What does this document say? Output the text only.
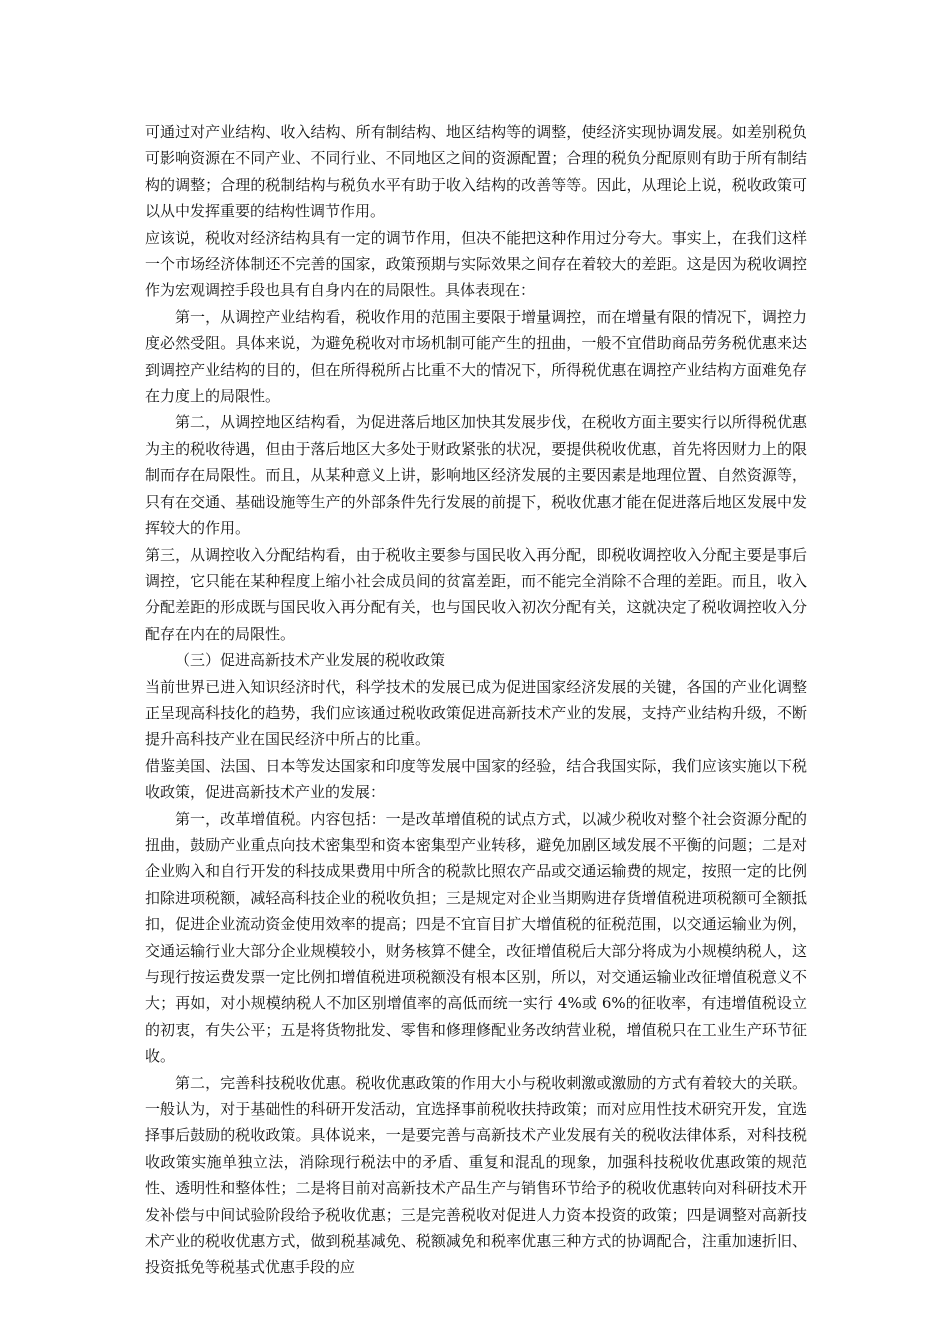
可通过对产业结构、收入结构、所有制结构、地区结构等的调整，使经济实现协调发展。如差别税负可影响资源在不同产业、不同行业、不同地区之间的资源配置；合理的税负分配原则有助于所有制结构的调整；合理的税制结构与税负水平有助于收入结构的改善等等。因此，从理论上说，税收政策可以从中发挥重要的结构性调节作用。

应该说，税收对经济结构具有一定的调节作用，但决不能把这种作用过分夸大。事实上，在我们这样一个市场经济体制还不完善的国家，政策预期与实际效果之间存在着较大的差距。这是因为税收调控作为宏观调控手段也具有自身内在的局限性。具体表现在：

第一，从调控产业结构看，税收作用的范围主要限于增量调控，而在增量有限的情况下，调控力度必然受阻。具体来说，为避免税收对市场机制可能产生的扭曲，一般不宜借助商品劳务税优惠来达到调控产业结构的目的，但在所得税所占比重不大的情况下，所得税优惠在调控产业结构方面难免存在力度上的局限性。

第二，从调控地区结构看，为促进落后地区加快其发展步伐，在税收方面主要实行以所得税优惠为主的税收待遇，但由于落后地区大多处于财政紧张的状况，要提供税收优惠，首先将因财力上的限制而存在局限性。而且，从某种意义上讲，影响地区经济发展的主要因素是地理位置、自然资源等，只有在交通、基础设施等生产的外部条件先行发展的前提下，税收优惠才能在促进落后地区发展中发挥较大的作用。

第三，从调控收入分配结构看，由于税收主要参与国民收入再分配，即税收调控收入分配主要是事后调控，它只能在某种程度上缩小社会成员间的贫富差距，而不能完全消除不合理的差距。而且，收入分配差距的形成既与国民收入再分配有关，也与国民收入初次分配有关，这就决定了税收调控收入分配存在内在的局限性。

（三）促进高新技术产业发展的税收政策

当前世界已进入知识经济时代，科学技术的发展已成为促进国家经济发展的关键，各国的产业化调整正呈现高科技化的趋势，我们应该通过税收政策促进高新技术产业的发展，支持产业结构升级，不断提升高科技产业在国民经济中所占的比重。

借鉴美国、法国、日本等发达国家和印度等发展中国家的经验，结合我国实际，我们应该实施以下税收政策，促进高新技术产业的发展：

第一，改革增值税。内容包括：一是改革增值税的试点方式，以减少税收对整个社会资源分配的扭曲，鼓励产业重点向技术密集型和资本密集型产业转移，避免加剧区域发展不平衡的问题；二是对企业购入和自行开发的科技成果费用中所含的税款比照农产品或交通运输费的规定，按照一定的比例扣除进项税额，减轻高科技企业的税收负担；三是规定对企业当期购进存货增值税进项税额可全额抵扣，促进企业流动资金使用效率的提高；四是不宜盲目扩大增值税的征税范围，以交通运输业为例，交通运输行业大部分企业规模较小，财务核算不健全，改征增值税后大部分将成为小规模纳税人，这与现行按运费发票一定比例扣增值税进项税额没有根本区别，所以，对交通运输业改征增值税意义不大；再如，对小规模纳税人不加区别增值率的高低而统一实行 4%或 6%的征收率，有违增值税设立的初衷，有失公平；五是将货物批发、零售和修理修配业务改纳营业税，增值税只在工业生产环节征收。

第二，完善科技税收优惠。税收优惠政策的作用大小与税收刺激或激励的方式有着较大的关联。一般认为，对于基础性的科研开发活动，宜选择事前税收扶持政策；而对应用性技术研究开发，宜选择事后鼓励的税收政策。具体说来，一是要完善与高新技术产业发展有关的税收法律体系，对科技税收政策实施单独立法，消除现行税法中的矛盾、重复和混乱的现象，加强科技税收优惠政策的规范性、透明性和整体性；二是将目前对高新技术产品生产与销售环节给予的税收优惠转向对科研技术开发补偿与中间试验阶段给予税收优惠；三是完善税收对促进人力资本投资的政策；四是调整对高新技术产业的税收优惠方式，做到税基减免、税额减免和税率优惠三种方式的协调配合，注重加速折旧、投资抵免等税基式优惠手段的应
